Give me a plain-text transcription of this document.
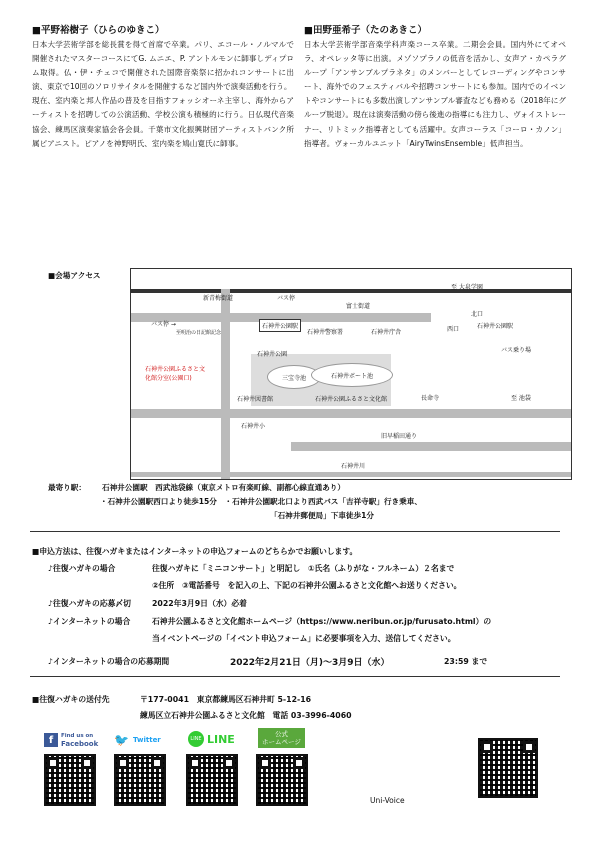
■平野裕樹子（ひらのゆきこ）

日本大学芸術学部を総長賞を得て首席で卒業。パリ、エコール・ノルマルで開催されたマスターコースにてG. ムニエ、P. アントルモンに師事しディプロム取得。仏・伊・チェコで開催された国際音楽祭に招かれコンサートに出演、東京で10回のソロリサイタルを開催するなど国内外で演奏活動を行う。

現在、室内楽と邦人作品の普及を目指すフォッシオーネ主宰し、海外からアーティストを招聘しての公演活動、学校公演も積極的に行う。日仏現代音楽協会、練馬区演奏家協会各会員。千葉市文化振興財団アーティストバンク所属ピアニスト。ピアノを神野明氏、室内楽を鳩山寛氏に師事。

■田野亜希子（たのあきこ）

日本大学芸術学部音楽学科声楽コース卒業。二期会会員。国内外にてオペラ、オペレッタ等に出演。メゾソプラノの低音を活かし、女声ア・カペラグループ「アンサンブルプラネタ」のメンバーとしてレコーディングやコンサート、海外でのフェスティバルや招聘コンサートにも参加。国内でのイベントやコンサートにも多数出演しアンサンブル審査なども務める（2018年にグループ脱退）。現在は演奏活動の傍ら後進の指導にも注力し、ヴォイストレーナー、リトミック指導者としても活躍中。女声コーラス「コーロ・カノン」指導者。ヴォーカルユニット「AiryTwinsEnsemble」低声担当。

■会場アクセス
三宝寺池	石神井ボート池
新青梅街道	バス停
至 大泉学園
富士街道
バス停 →
北口
石神井公園駅	石神井公園駅
西口
バス乗り場
石神井警察署	石神井庁舎
石神井公園
石神井図書館	石神井公園ふるさと文化館
石神井公園ふるさと文化館分室(公園口)
至明治の日記館記念
長命寺	至 池袋
旧早稲田通り
石神井小
石神井川
最寄り駅： 石神井公園駅　西武池袋線（東京メトロ有楽町線、副都心線直通あり）
・石神井公園駅西口より徒歩15分　・石神井公園駅北口より西武バス「吉祥寺駅」行き乗車、
「石神井郵便局」下車徒歩1分
■申込方法は、往復ハガキまたはインターネットの申込フォームのどちらかでお願いします。
♪往復ハガキの場合	往復ハガキに「ミニコンサート」と明記し　①氏名（ふりがな・フルネーム）２名まで
②住所　③電話番号　を記入の上、下記の石神井公園ふるさと文化館へお送りください。
♪往復ハガキの応募〆切	2022年3月9日（水）必着
♪インターネットの場合	石神井公園ふるさと文化館ホームページ（https://www.neribun.or.jp/furusato.html）の
当イベントページの「イベント申込フォーム」に必要事項を入力、送信してください。
♪インターネットの場合の応募期間	2022年2月21日（月)～3月9日（水）	23:59 まで
■往復ハガキの送付先	〒177-0041　東京都練馬区石神井町 5-12-16
練馬区立石神井公園ふるさと文化館　電話 03-3996-4060
f	Find us on
Facebook 🐦 Twitter	LINE LINE	公式
ホームページ
Uni-Voice
